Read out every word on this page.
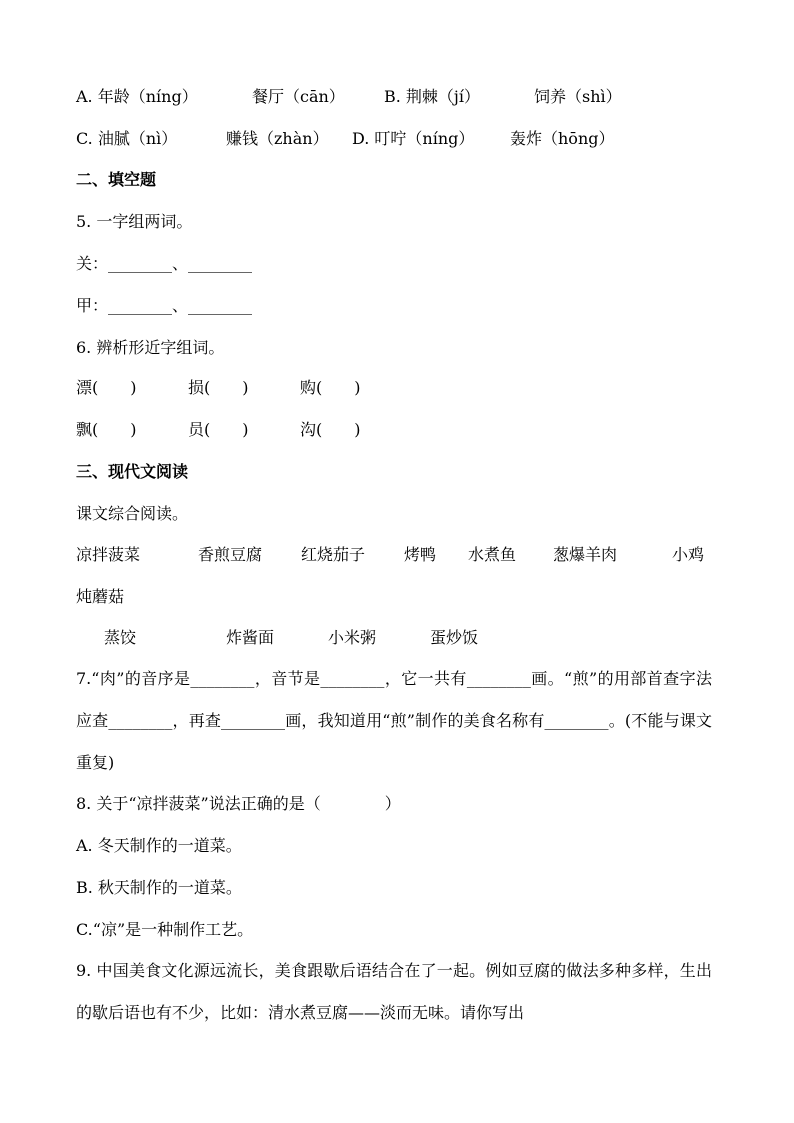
A. 年龄（níng）	餐厅（cān） B. 荆棘（jí）	饲养（shì）
C. 油腻（nì）	赚钱（zhàn） D. 叮咛（níng） 轰炸（hōng）
二、填空题
5. 一字组两词。
关：________、________
甲：________、________
6. 辨析形近字组词。
漂(　　)	损(　　)	购(　　)
飘(　　)	员(　　)	沟(　　)
三、现代文阅读
课文综合阅读。
凉拌菠菜	香煎豆腐 红烧茄子 烤鸭 水煮鱼 葱爆羊肉	小鸡
炖蘑菇
蒸饺	炸酱面	小米粥	蛋炒饭
7.“肉”的音序是________，音节是________，它一共有________画。“煎”的用部首查字法应查________，再查________画，我知道用“煎”制作的美食名称有________。(不能与课文重复)
8. 关于“凉拌菠菜”说法正确的是（　　　　）
A. 冬天制作的一道菜。
B. 秋天制作的一道菜。
C.“凉”是一种制作工艺。
9. 中国美食文化源远流长，美食跟歇后语结合在了一起。例如豆腐的做法多种多样，生出的歇后语也有不少，比如：清水煮豆腐——淡而无味。请你写出
